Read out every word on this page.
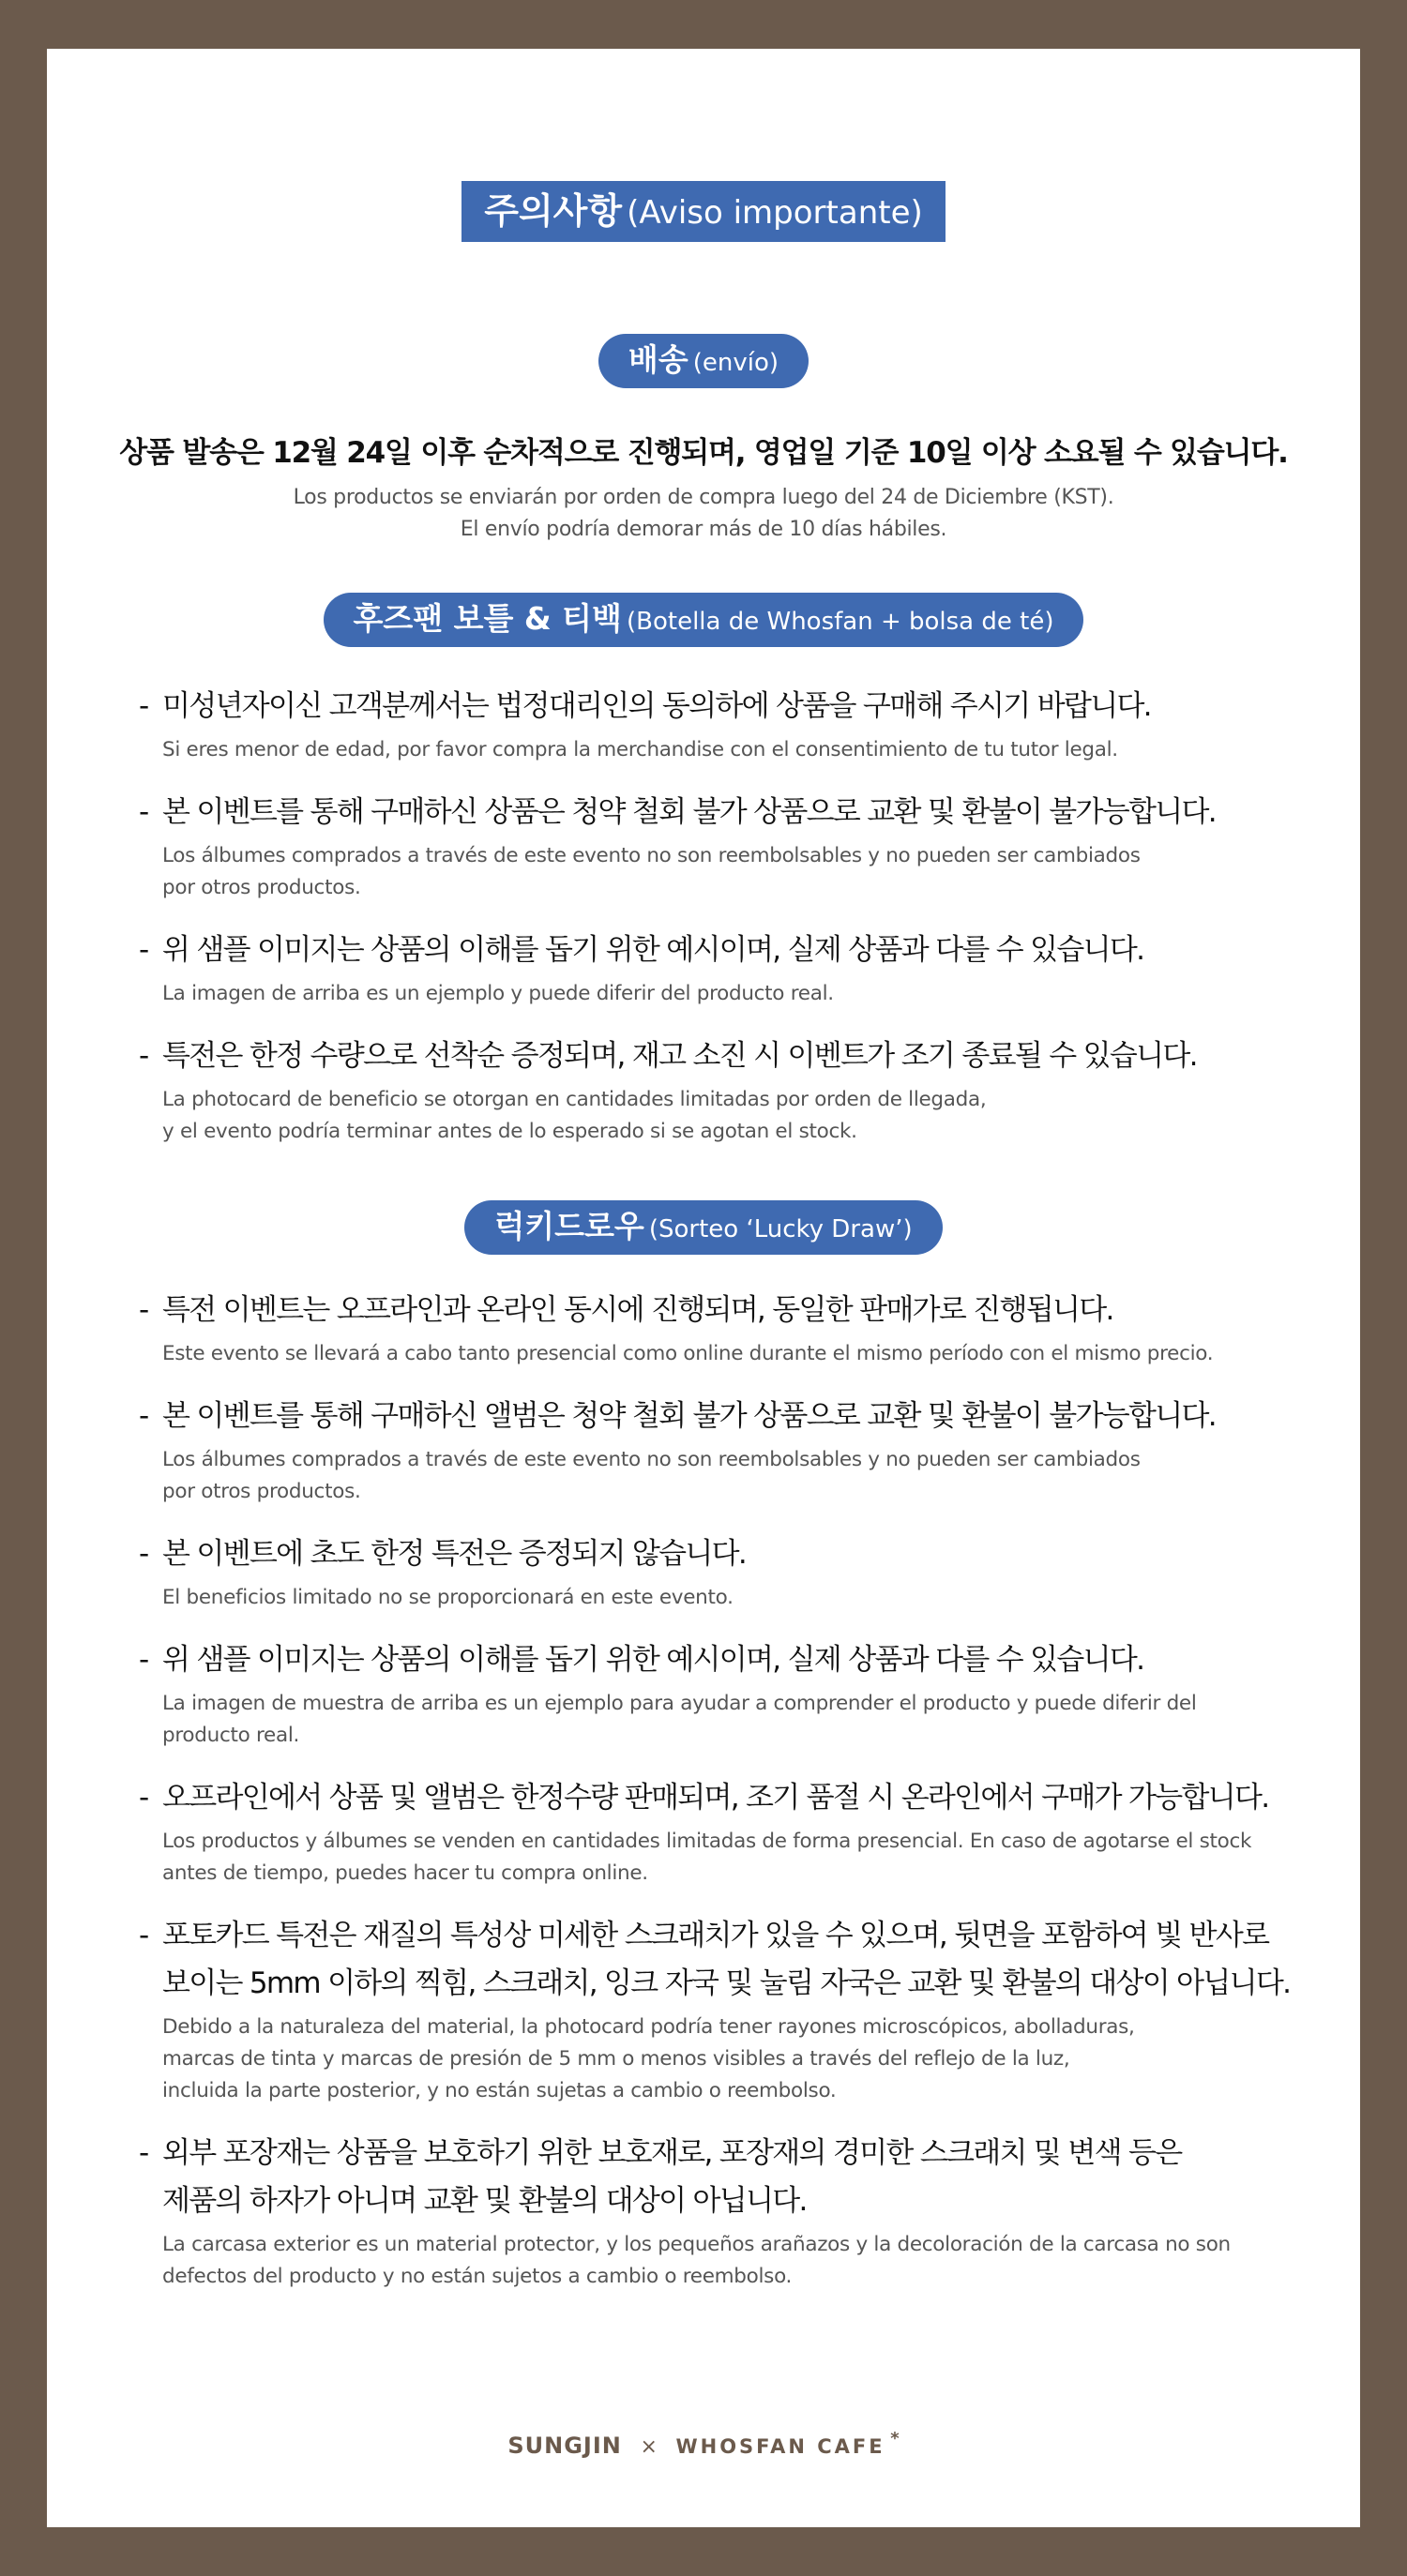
주의사항 (Aviso importante)
배송 (envío)
상품 발송은 12월 24일 이후 순차적으로 진행되며, 영업일 기준 10일 이상 소요될 수 있습니다.
Los productos se enviarán por orden de compra luego del 24 de Diciembre (KST).
El envío podría demorar más de 10 días hábiles.
후즈팬 보틀 & 티백 (Botella de Whosfan + bolsa de té)
- 미성년자이신 고객분께서는 법정대리인의 동의하에 상품을 구매해 주시기 바랍니다.
Si eres menor de edad, por favor compra la merchandise con el consentimiento de tu tutor legal.
- 본 이벤트를 통해 구매하신 상품은 청약 철회 불가 상품으로 교환 및 환불이 불가능합니다.
Los álbumes comprados a través de este evento no son reembolsables y no pueden ser cambiados
por otros productos.
- 위 샘플 이미지는 상품의 이해를 돕기 위한 예시이며, 실제 상품과 다를 수 있습니다.
La imagen de arriba es un ejemplo y puede diferir del producto real.
- 특전은 한정 수량으로 선착순 증정되며, 재고 소진 시 이벤트가 조기 종료될 수 있습니다.
La photocard de beneficio se otorgan en cantidades limitadas por orden de llegada,
y el evento podría terminar antes de lo esperado si se agotan el stock.
럭키드로우 (Sorteo ‘Lucky Draw’)
- 특전 이벤트는 오프라인과 온라인 동시에 진행되며, 동일한 판매가로 진행됩니다.
Este evento se llevará a cabo tanto presencial como online durante el mismo período con el mismo precio.
- 본 이벤트를 통해 구매하신 앨범은 청약 철회 불가 상품으로 교환 및 환불이 불가능합니다.
Los álbumes comprados a través de este evento no son reembolsables y no pueden ser cambiados
por otros productos.
- 본 이벤트에 초도 한정 특전은 증정되지 않습니다.
El beneficios limitado no se proporcionará en este evento.
- 위 샘플 이미지는 상품의 이해를 돕기 위한 예시이며, 실제 상품과 다를 수 있습니다.
La imagen de muestra de arriba es un ejemplo para ayudar a comprender el producto y puede diferir del
producto real.
- 오프라인에서 상품 및 앨범은 한정수량 판매되며, 조기 품절 시 온라인에서 구매가 가능합니다.
Los productos y álbumes se venden en cantidades limitadas de forma presencial. En caso de agotarse el stock
antes de tiempo, puedes hacer tu compra online.
- 포토카드 특전은 재질의 특성상 미세한 스크래치가 있을 수 있으며, 뒷면을 포함하여 빛 반사로
보이는 5mm 이하의 찍힘, 스크래치, 잉크 자국 및 눌림 자국은 교환 및 환불의 대상이 아닙니다.
Debido a la naturaleza del material, la photocard podría tener rayones microscópicos, abolladuras,
marcas de tinta y marcas de presión de 5 mm o menos visibles a través del reflejo de la luz,
incluida la parte posterior, y no están sujetas a cambio o reembolso.
- 외부 포장재는 상품을 보호하기 위한 보호재로, 포장재의 경미한 스크래치 및 변색 등은
제품의 하자가 아니며 교환 및 환불의 대상이 아닙니다.
La carcasa exterior es un material protector, y los pequeños arañazos y la decoloración de la carcasa no son
defectos del producto y no están sujetos a cambio o reembolso.
SUNGJIN × WHOSFAN CAFE *
